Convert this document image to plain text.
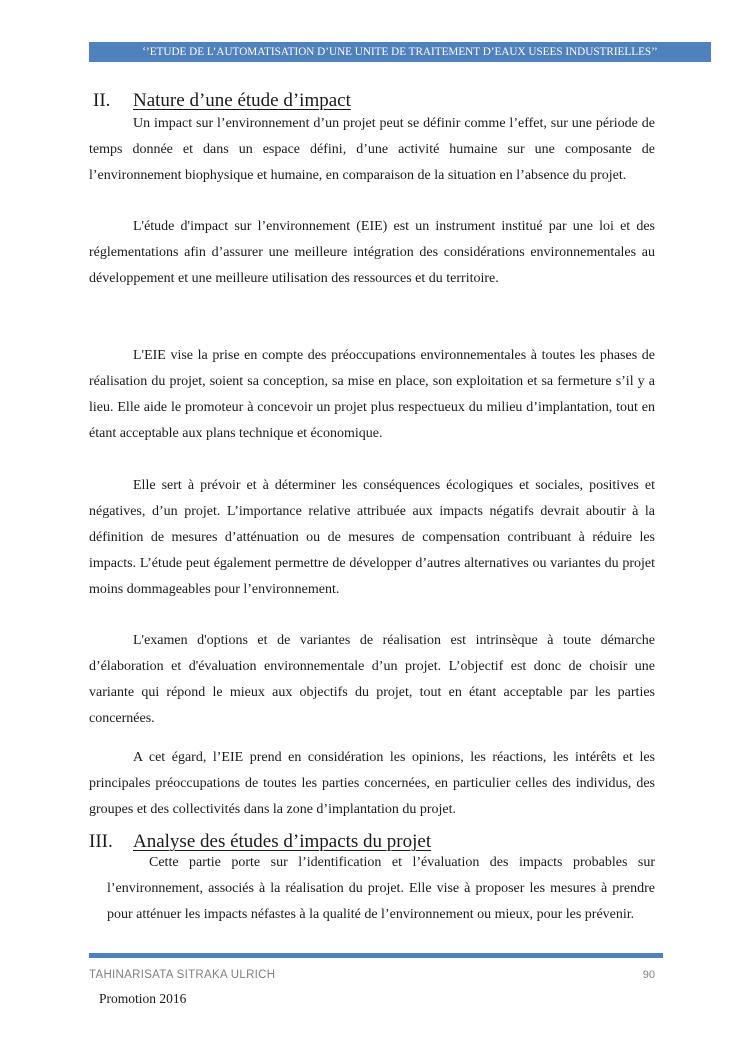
‘’ETUDE DE L’AUTOMATISATION D’UNE UNITE DE TRAITEMENT D’EAUX USEES INDUSTRIELLES’’
II. Nature d’une étude d’impact

Un impact sur l’environnement d’un projet peut se définir comme l’effet, sur une période de temps donnée et dans un espace défini, d’une activité humaine sur une composante de l’environnement biophysique et humaine, en comparaison de la situation en l’absence du projet.

L'étude d'impact sur l’environnement (EIE) est un instrument institué par une loi et des réglementations afin d’assurer une meilleure intégration des considérations environnementales au développement et une meilleure utilisation des ressources et du territoire.

L'EIE vise la prise en compte des préoccupations environnementales à toutes les phases de réalisation du projet, soient sa conception, sa mise en place, son exploitation et sa fermeture s’il y a lieu. Elle aide le promoteur à concevoir un projet plus respectueux du milieu d’implantation, tout en étant acceptable aux plans technique et économique.

Elle sert à prévoir et à déterminer les conséquences écologiques et sociales, positives et négatives, d’un projet. L’importance relative attribuée aux impacts négatifs devrait aboutir à la définition de mesures d’atténuation ou de mesures de compensation contribuant à réduire les impacts. L’étude peut également permettre de développer d’autres alternatives ou variantes du projet moins dommageables pour l’environnement.

L'examen d'options et de variantes de réalisation est intrinsèque à toute démarche d’élaboration et d'évaluation environnementale d’un projet. L’objectif est donc de choisir une variante qui répond le mieux aux objectifs du projet, tout en étant acceptable par les parties concernées.

A cet égard, l’EIE prend en considération les opinions, les réactions, les intérêts et les principales préoccupations de toutes les parties concernées, en particulier celles des individus, des groupes et des collectivités dans la zone d’implantation du projet.

III. Analyse des études d’impacts du projet

Cette partie porte sur l’identification et l’évaluation des impacts probables sur l’environnement, associés à la réalisation du projet. Elle vise à proposer les mesures à prendre pour atténuer les impacts néfastes à la qualité de l’environnement ou mieux, pour les prévenir.

TAHINARISATA SITRAKA ULRICH	90
Promotion 2016
